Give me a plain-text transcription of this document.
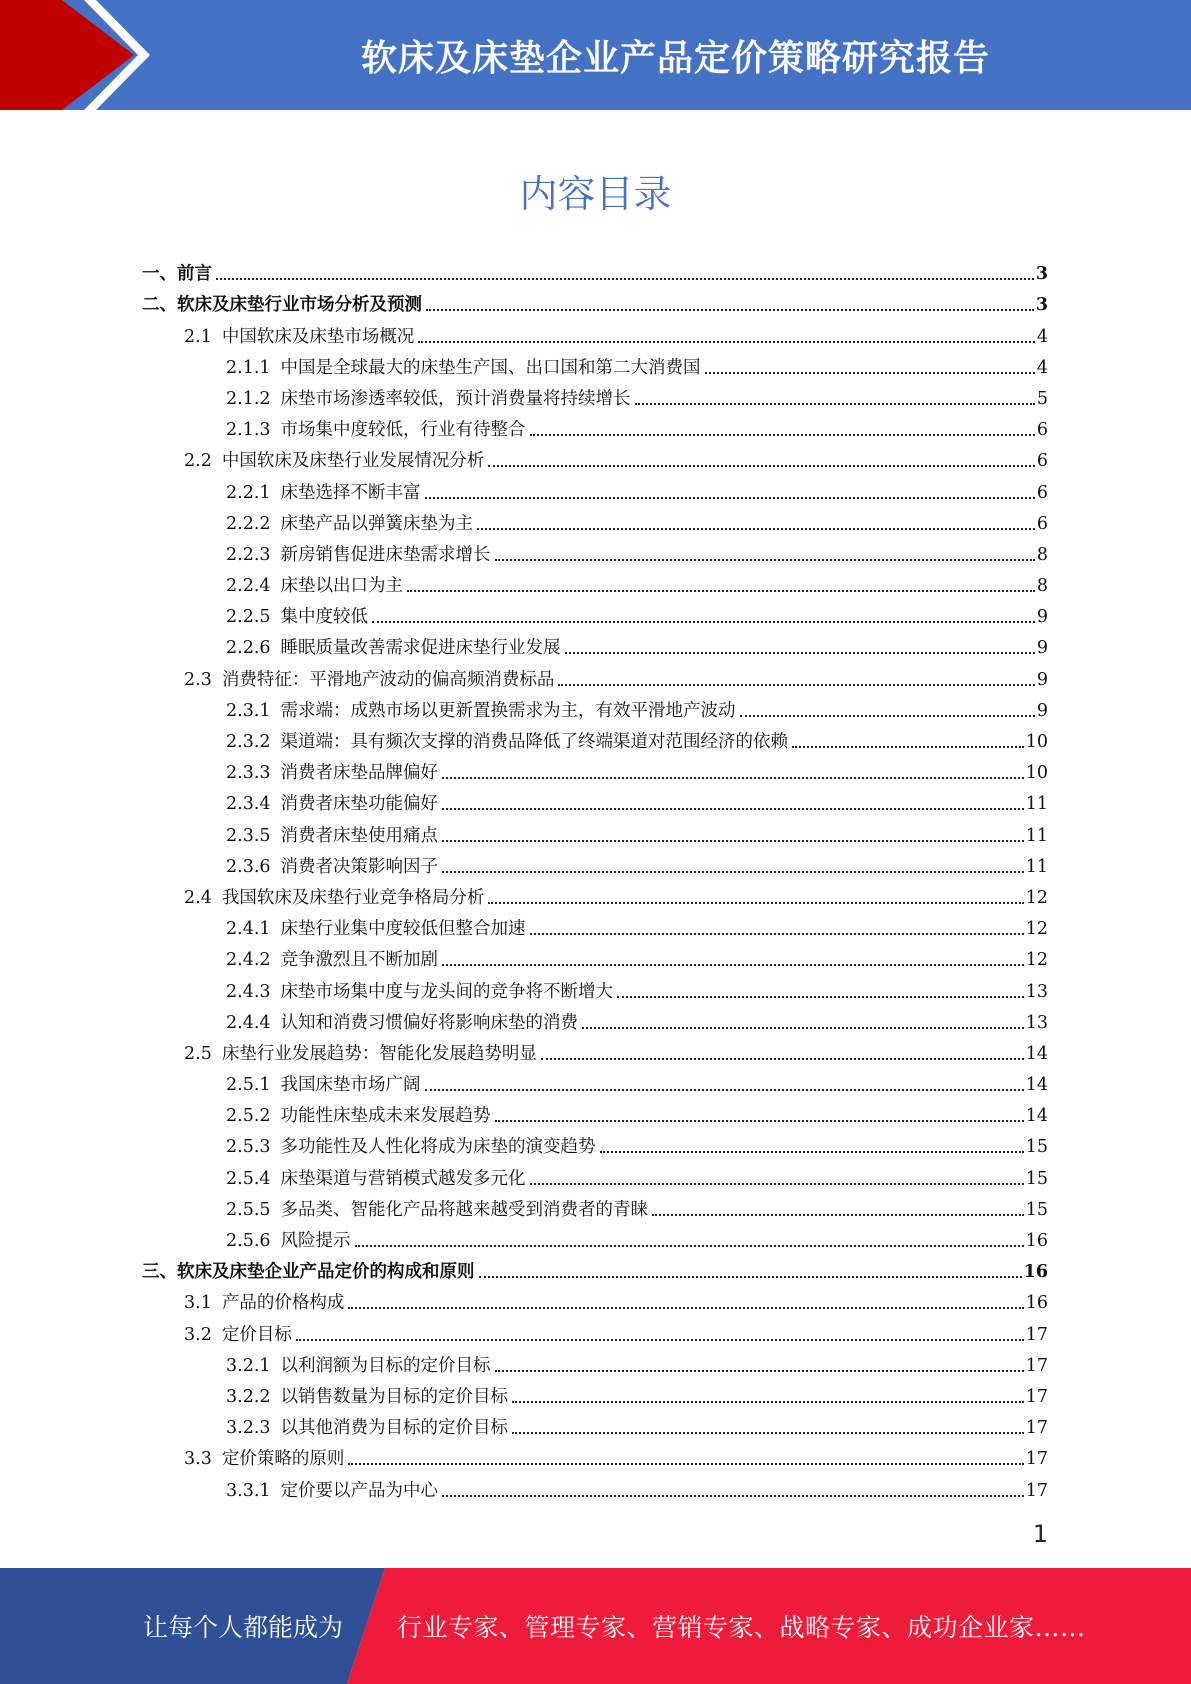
软床及床垫企业产品定价策略研究报告
内容目录
一、 前言	3
二、 软床及床垫行业市场分析及预测	3
2.1 中国软床及床垫市场概况	4
2.1.1 中国是全球最大的床垫生产国、出口国和第二大消费国	4
2.1.2 床垫市场渗透率较低，预计消费量将持续增长	5
2.1.3 市场集中度较低，行业有待整合	6
2.2 中国软床及床垫行业发展情况分析	6
2.2.1 床垫选择不断丰富	6
2.2.2 床垫产品以弹簧床垫为主	6
2.2.3 新房销售促进床垫需求增长	8
2.2.4 床垫以出口为主	8
2.2.5 集中度较低	9
2.2.6 睡眠质量改善需求促进床垫行业发展	9
2.3 消费特征：平滑地产波动的偏高频消费标品	9
2.3.1 需求端：成熟市场以更新置换需求为主，有效平滑地产波动	9
2.3.2 渠道端：具有频次支撑的消费品降低了终端渠道对范围经济的依赖	10
2.3.3 消费者床垫品牌偏好	10
2.3.4 消费者床垫功能偏好	11
2.3.5 消费者床垫使用痛点	11
2.3.6 消费者决策影响因子	11
2.4 我国软床及床垫行业竞争格局分析	12
2.4.1 床垫行业集中度较低但整合加速	12
2.4.2 竞争激烈且不断加剧	12
2.4.3 床垫市场集中度与龙头间的竞争将不断增大	13
2.4.4 认知和消费习惯偏好将影响床垫的消费	13
2.5 床垫行业发展趋势：智能化发展趋势明显	14
2.5.1 我国床垫市场广阔	14
2.5.2 功能性床垫成未来发展趋势	14
2.5.3 多功能性及人性化将成为床垫的演变趋势	15
2.5.4 床垫渠道与营销模式越发多元化	15
2.5.5 多品类、智能化产品将越来越受到消费者的青睐	15
2.5.6 风险提示	16
三、 软床及床垫企业产品定价的构成和原则	16
3.1 产品的价格构成	16
3.2 定价目标	17
3.2.1 以利润额为目标的定价目标	17
3.2.2 以销售数量为目标的定价目标	17
3.2.3 以其他消费为目标的定价目标	17
3.3 定价策略的原则	17
3.3.1 定价要以产品为中心	17
1
让每个人都能成为 行业专家、管理专家、营销专家、战略专家、成功企业家……
